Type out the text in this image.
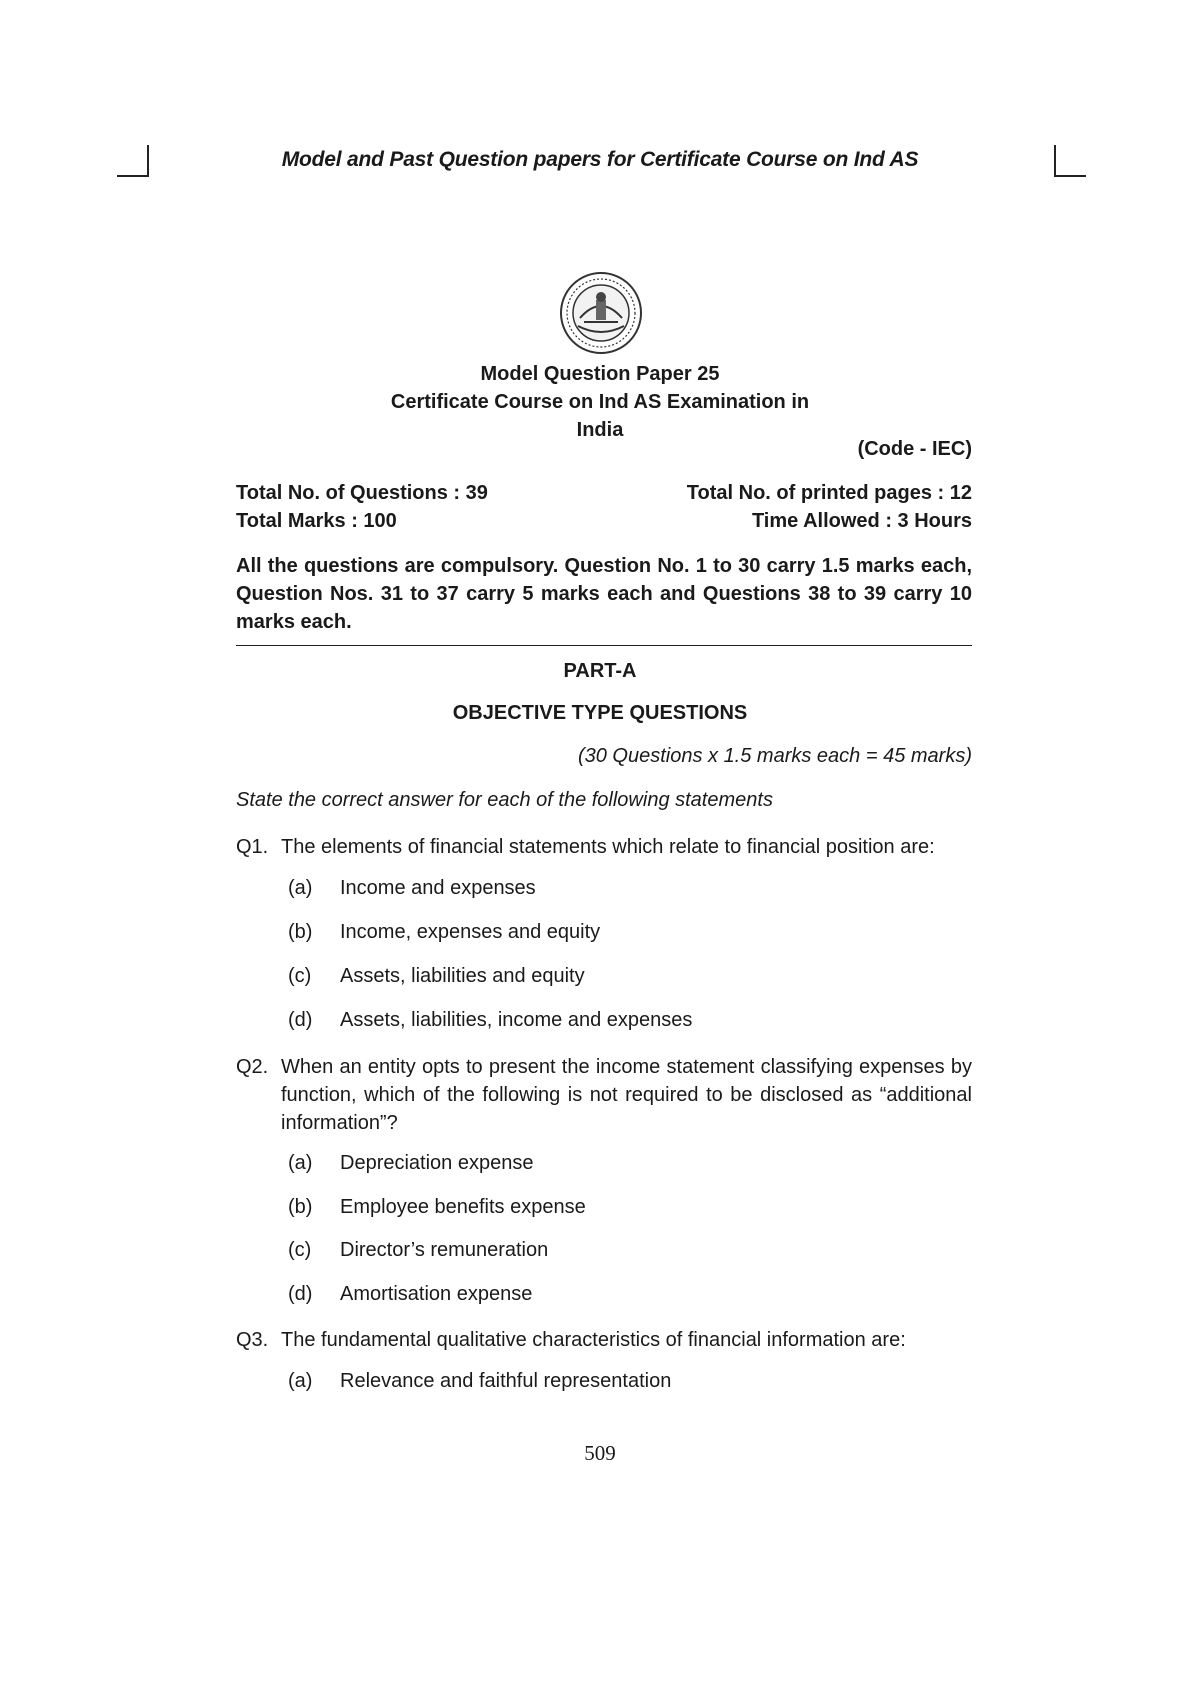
Model and Past Question papers for Certificate Course on Ind AS
Model Question Paper 25
Certificate Course on Ind AS Examination in
India
(Code - IEC)
Total No. of Questions : 39	Total No. of printed pages : 12
Total Marks : 100	Time Allowed : 3 Hours
All the questions are compulsory. Question No. 1 to 30 carry 1.5 marks each, Question Nos. 31 to 37 carry 5 marks each and Questions 38 to 39 carry 10 marks each.
PART-A
OBJECTIVE TYPE QUESTIONS
(30 Questions x 1.5 marks each = 45 marks)
State the correct answer for each of the following statements
Q1. The elements of financial statements which relate to financial position are:
(a) Income and expenses
(b) Income, expenses and equity
(c) Assets, liabilities and equity
(d) Assets, liabilities, income and expenses
Q2. When an entity opts to present the income statement classifying expenses by function, which of the following is not required to be disclosed as “additional information”?
(a) Depreciation expense
(b) Employee benefits expense
(c) Director’s remuneration
(d) Amortisation expense
Q3. The fundamental qualitative characteristics of financial information are:
(a) Relevance and faithful representation
509
